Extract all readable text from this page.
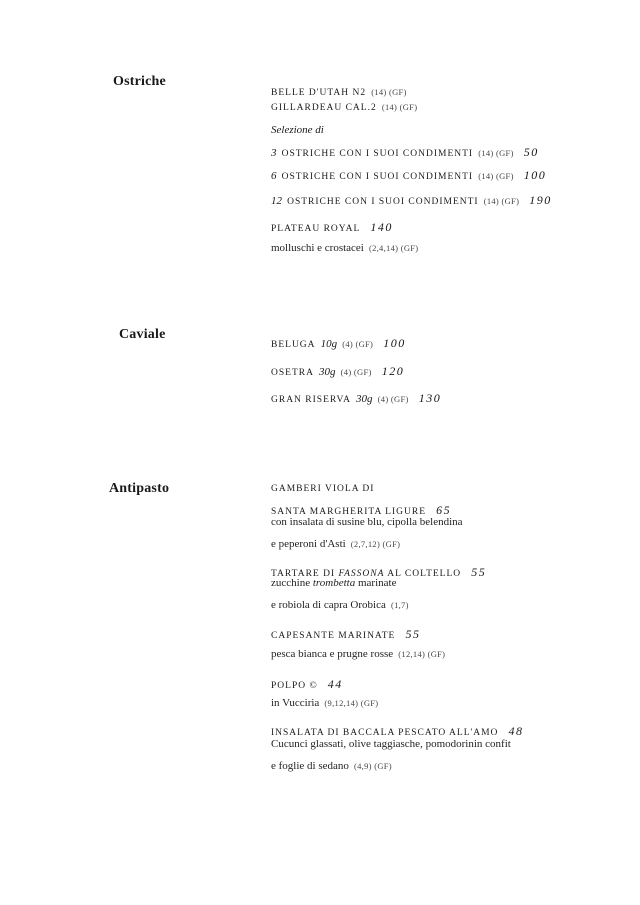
Ostriche
BELLE D'UTAH N2 (14) (GF)
GILLARDEAU CAL.2 (14) (GF)
Selezione di
3 OSTRICHE CON I SUOI CONDIMENTI (14) (GF) 50
6 OSTRICHE CON I SUOI CONDIMENTI (14) (GF) 100
12 OSTRICHE CON I SUOI CONDIMENTI (14) (GF) 190
PLATEAU ROYAL 140
molluschi e crostacei (2,4,14) (GF)
Caviale
BELUGA 10g (4) (GF) 100
OSETRA 30g (4) (GF) 120
GRAN RISERVA 30g (4) (GF) 130
Antipasto	GAMBERI VIOLA DI
SANTA MARGHERITA LIGURE 65
con insalata di susine blu, cipolla belendina
e peperoni d'Asti (2,7,12) (GF)
TARTARE DI FASSONA AL COLTELLO 55
zucchine trombetta marinate
e robiola di capra Orobica (1,7)
CAPESANTE MARINATE 55
pesca bianca e prugne rosse (12,14) (GF)
POLPO © 44
in Vucciria (9,12,14) (GF)
INSALATA DI BACCALA PESCATO ALL'AMO 48
Cucunci glassati, olive taggiasche, pomodorinin confit
e foglie di sedano (4,9) (GF)
